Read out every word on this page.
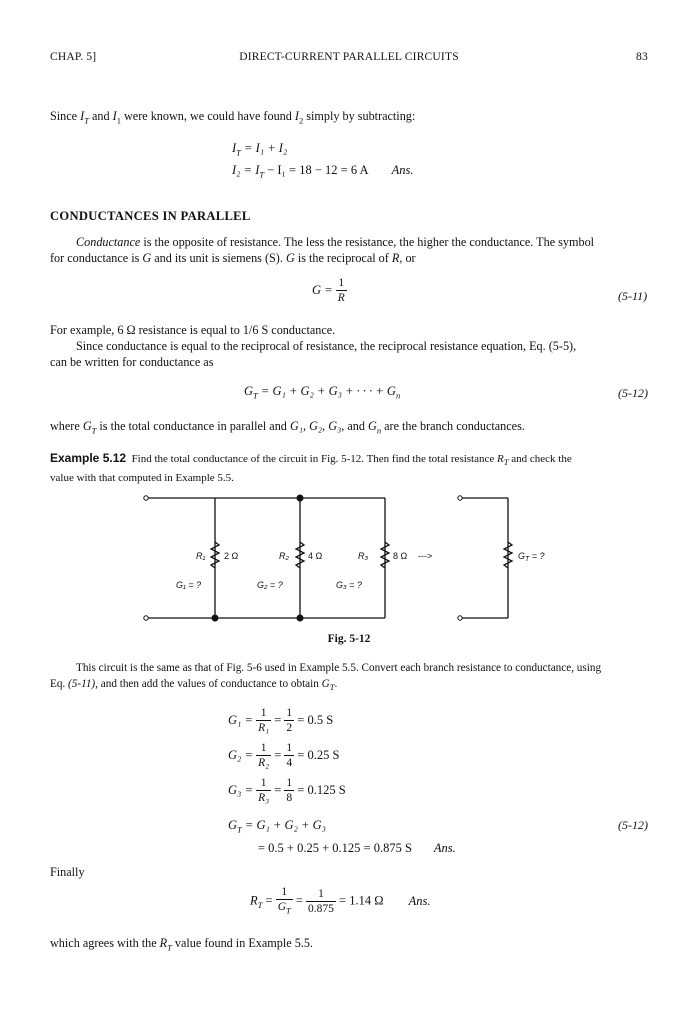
CHAP. 5]	DIRECT-CURRENT PARALLEL CIRCUITS	83
Since $I_T$ and $I_1$ were known, we could have found $I_2$ simply by subtracting:
$I_T = I_1 + I_2$
$I_2 = I_T - I_1 = 18 - 12 = 6$ A Ans.
CONDUCTANCES IN PARALLEL
Conductance is the opposite of resistance. The less the resistance, the higher the conductance. The symbol
for conductance is G and its unit is siemens (S). G is the reciprocal of R, or
$G = \frac{1}{R}$	(5-11)
For example, 6 Ω resistance is equal to 1/6 S conductance.
Since conductance is equal to the reciprocal of resistance, the reciprocal resistance equation, Eq. (5-5),
can be written for conductance as
$G_T = G_1 + G_2 + G_3$ + · · · + $G_n$	(5-12)
where $G_T$ is the total conductance in parallel and G₁, G₂, G₃, and $G_n$ are the branch conductances.
Example 5.12 Find the total conductance of the circuit in Fig. 5-12. Then find the total resistance $R_T$ and check the
value with that computed in Example 5.5.
R₁ 2 Ω	R₂ 4 Ω	R₃	8 Ω
G₁ = ?	G₂ = ?	G₃ = ?
--->	$G_T$ = ?
Fig. 5-12
This circuit is the same as that of Fig. 5-6 used in Example 5.5. Convert each branch resistance to conductance, using
Eq. (5-11), and then add the values of conductance to obtain $G_T$.
$G_1 = \frac{1}{\text{R₁}} = \frac{1}{2} = 0.5$ S
$G_2 = \frac{1}{\text{R₂}} = \frac{1}{4} = 0.25$ S
$G_3 = \frac{1}{\text{R₃}} = \frac{1}{8} = 0.125$ S
$G_T = G_1 + G_2 + G_3$	(5-12)
= 0.5 + 0.25 + 0.125 = 0.875 S Ans.
Finally
$R_T = \frac{1}{G_T} = \frac{1}{0.875} = 1.14$ Ω Ans.
which agrees with the $R_T$ value found in Example 5.5.
